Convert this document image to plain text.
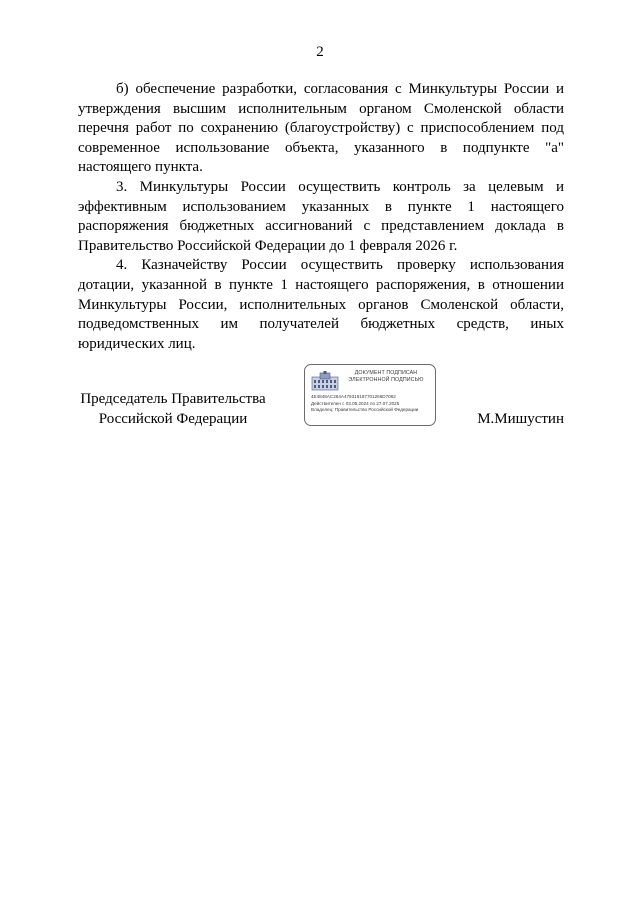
2

б) обеспечение разработки, согласования с Минкультуры России и утверждения высшим исполнительным органом Смоленской области перечня работ по сохранению (благоустройству) с приспособлением под современное использование объекта, указанного в подпункте "а" настоящего пункта.

3. Минкультуры России осуществить контроль за целевым и эффективным использованием указанных в пункте 1 настоящего распоряжения бюджетных ассигнований с представлением доклада в Правительство Российской Федерации до 1 февраля 2026 г.

4. Казначейству России осуществить проверку использования дотации, указанной в пункте 1 настоящего распоряжения, в отношении Минкультуры России, исполнительных органов Смоленской области, подведомственных им получателей бюджетных средств, иных юридических лиц.

Председатель Правительства
Российской Федерации
ДОКУМЕНТ ПОДПИСАН
ЭЛЕКТРОННОЙ ПОДПИСЬЮ
4E4848AC284A479319187701266D7062
Действителен с 03.05.2024 по 27.07.2025
Владелец: Правительство Российской Федерации
М.Мишустин
